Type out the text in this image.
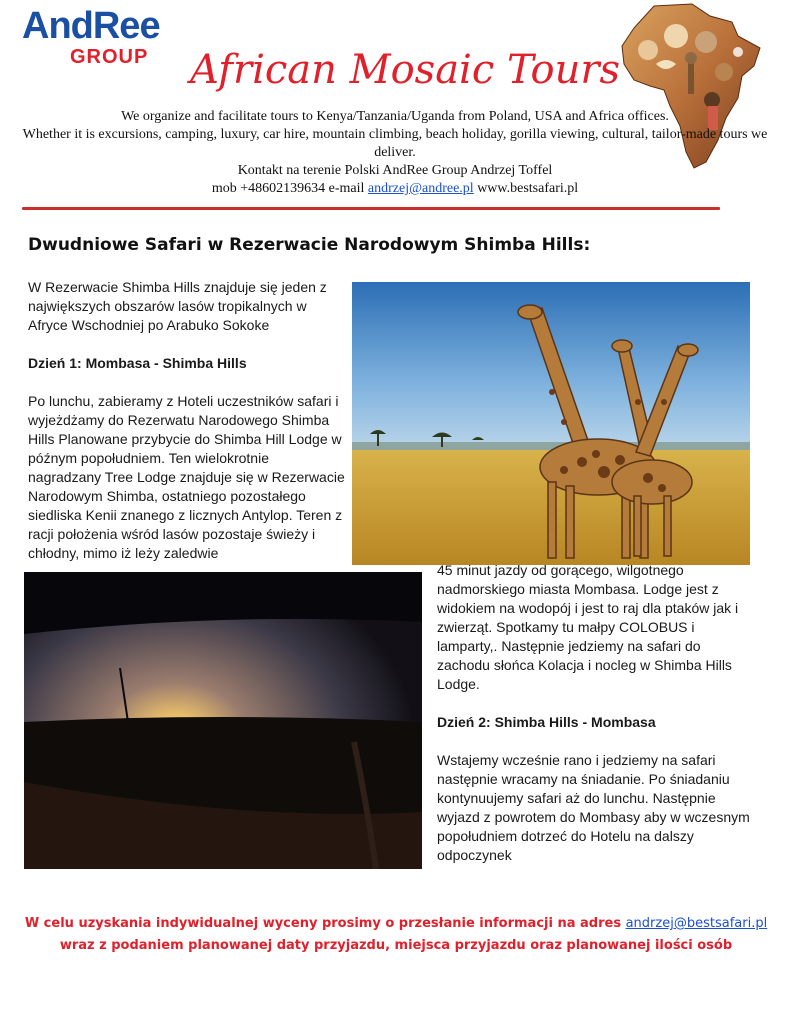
AndRee
GROUP African Mosaic Tours
We organize and facilitate tours to Kenya/Tanzania/Uganda from Poland, USA and Africa offices.
Whether it is excursions, camping, luxury, car hire, mountain climbing, beach holiday, gorilla viewing, cultural, tailor-made tours we deliver.
Kontakt na terenie Polski AndRee Group Andrzej Toffel
mob +48602139634 e-mail andrzej@andree.pl www.bestsafari.pl
Dwudniowe Safari w Rezerwacie Narodowym Shimba Hills:

W Rezerwacie Shimba Hills znajduje się jeden z największych obszarów lasów tropikalnych w Afryce Wschodniej po Arabuko Sokoke

Dzień 1: Mombasa - Shimba Hills

Po lunchu, zabieramy z Hoteli uczestników safari i wyjeżdżamy do Rezerwatu Narodowego Shimba Hills Planowane przybycie do Shimba Hill Lodge w późnym popołudniem. Ten wielokrotnie nagradzany Tree Lodge znajduje się w Rezerwacie Narodowym Shimba, ostatniego pozostałego siedliska Kenii znanego z licznych Antylop. Teren z racji położenia wśród lasów pozostaje świeży i chłodny, mimo iż leży zaledwie

45 minut jazdy od gorącego, wilgotnego nadmorskiego miasta Mombasa. Lodge jest z widokiem na wodopój i jest to raj dla ptaków jak i zwierząt. Spotkamy tu małpy COLOBUS i lamparty,. Następnie jedziemy na safari do zachodu słońca Kolacja i nocleg w Shimba Hills Lodge.

Dzień 2: Shimba Hills - Mombasa

Wstajemy wcześnie rano i jedziemy na safari następnie wracamy na śniadanie. Po śniadaniu kontynuujemy safari aż do lunchu. Następnie wyjazd z powrotem do Mombasy aby w wczesnym popołudniem dotrzeć do Hotelu na dalszy odpoczynek

W celu uzyskania indywidualnej wyceny prosimy o przesłanie informacji na adres andrzej@bestsafari.pl wraz z podaniem planowanej daty przyjazdu, miejsca przyjazdu oraz planowanej ilości osób
